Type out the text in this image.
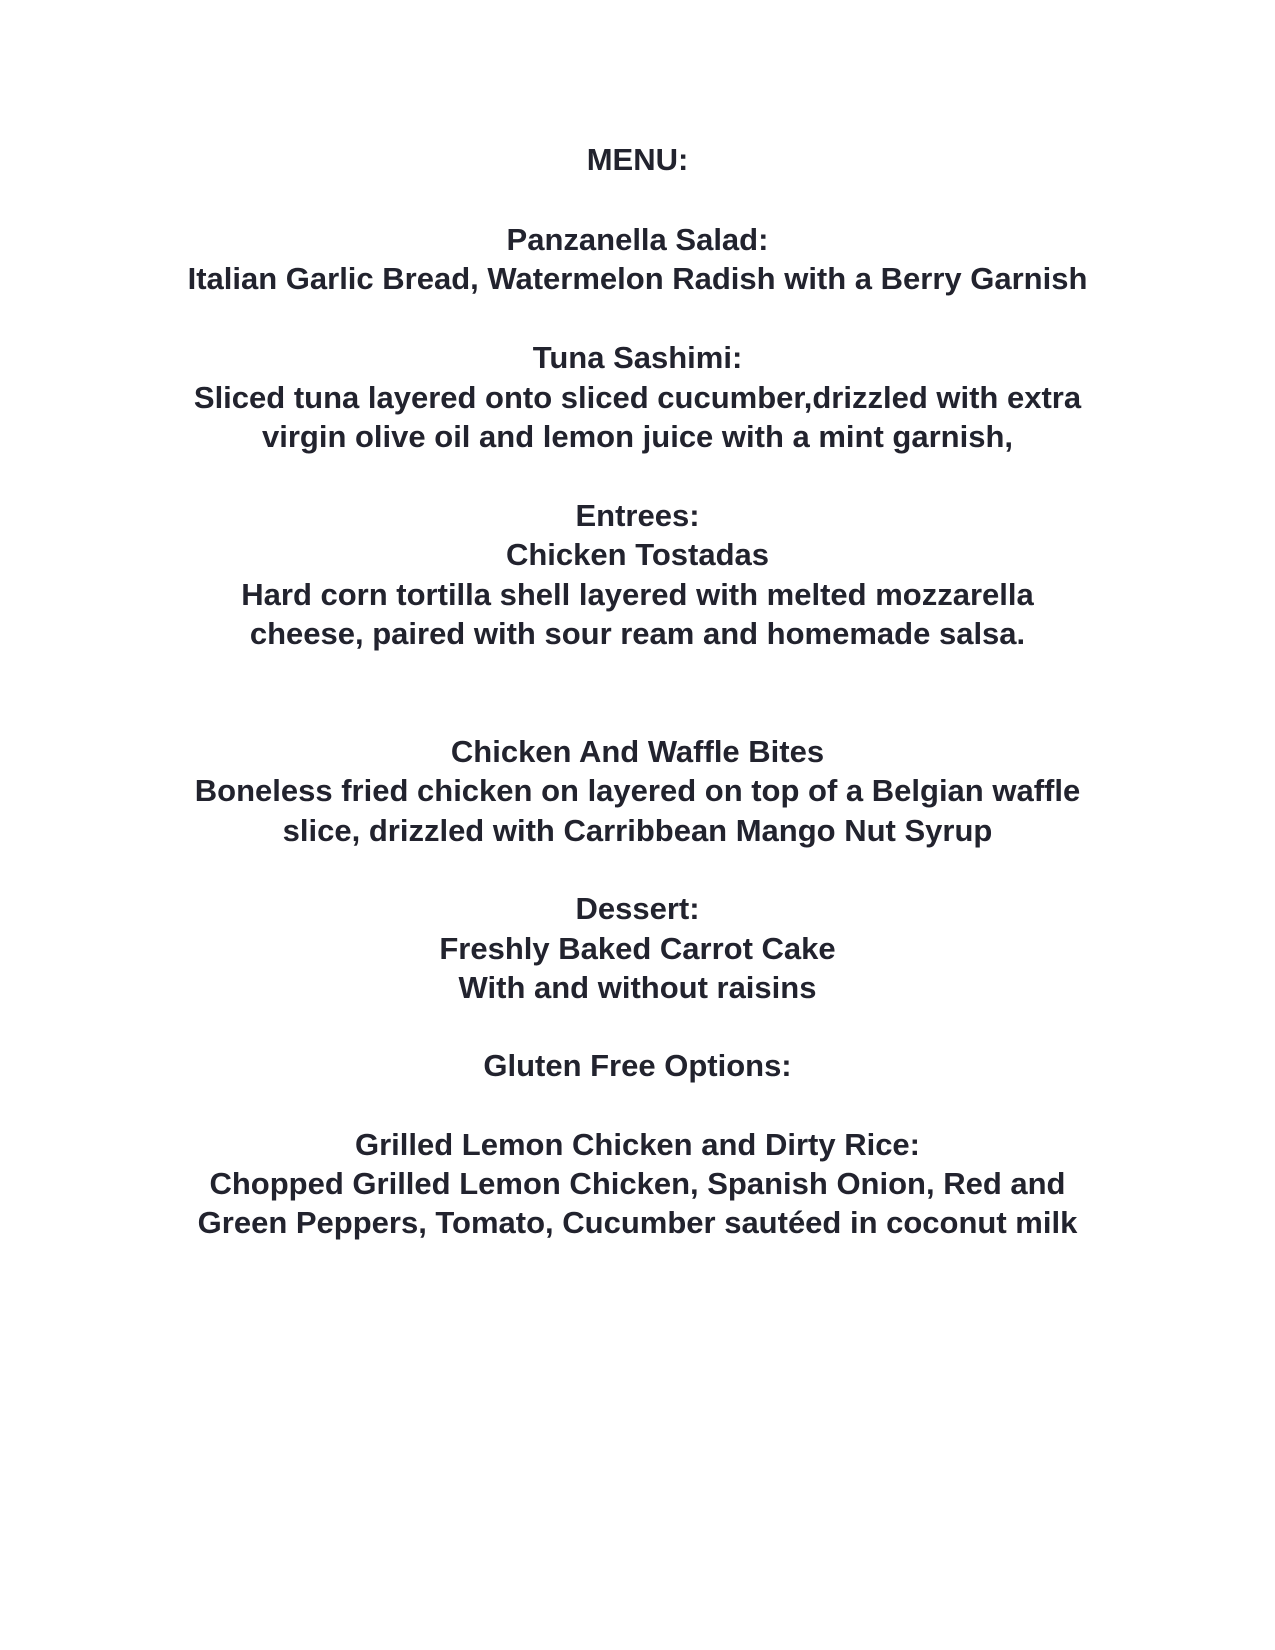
MENU:
Panzanella Salad:
Italian Garlic Bread, Watermelon Radish with a Berry Garnish
Tuna Sashimi:
Sliced tuna layered onto sliced cucumber,drizzled with extra
virgin olive oil and lemon juice with a mint garnish,
Entrees:
Chicken Tostadas
Hard corn tortilla shell layered with melted mozzarella
cheese, paired with sour ream and homemade salsa.
Chicken And Waffle Bites
Boneless fried chicken on layered on top of a Belgian waffle
slice, drizzled with Carribbean Mango Nut Syrup
Dessert:
Freshly Baked Carrot Cake
With and without raisins
Gluten Free Options:
Grilled Lemon Chicken and Dirty Rice:
Chopped Grilled Lemon Chicken, Spanish Onion, Red and
Green Peppers, Tomato, Cucumber sautéed in coconut milk
